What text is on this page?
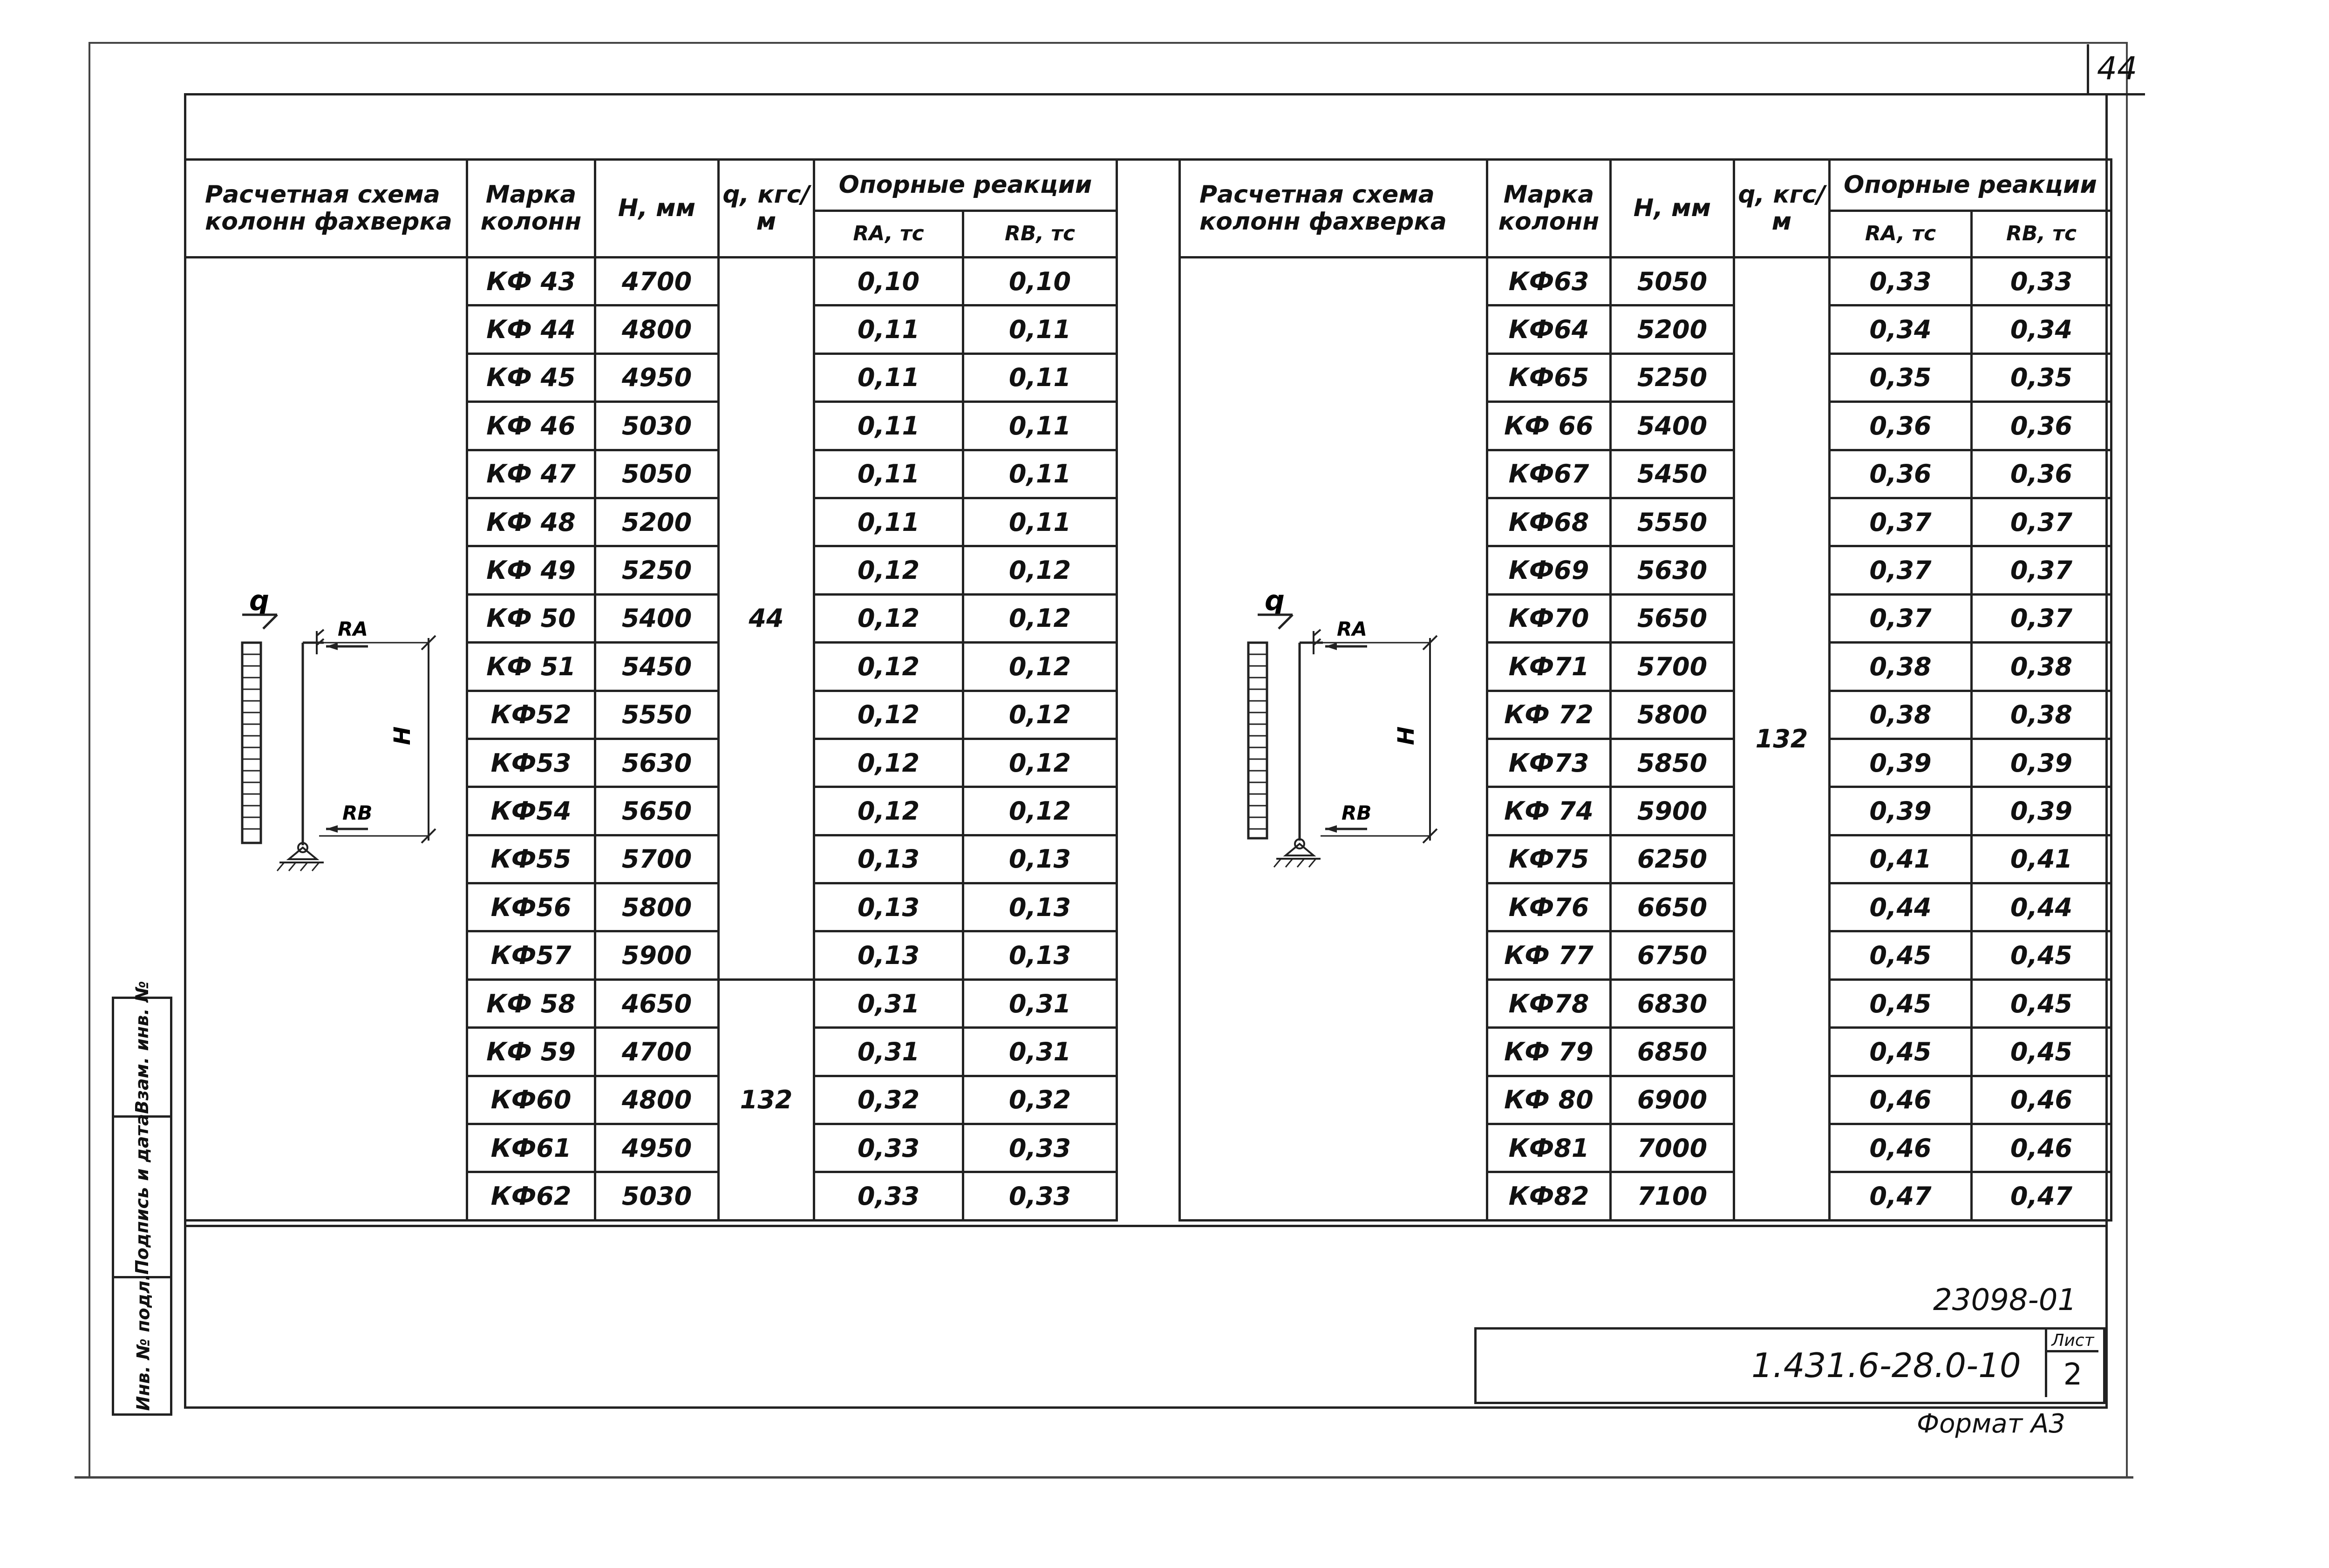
44
Расчетная схема колонн фахверка	Марка колонн	H, мм	q, кгс/м	Опорные реакции	
				RA, тс	RB, тс
	КФ 43	4700	44	0,10	0,10
	КФ 44	4800		0,11	0,11
	КФ 45	4950		0,11	0,11
	КФ 46	5030		0,11	0,11
	КФ 47	5050		0,11	0,11
	КФ 48	5200		0,11	0,11
	КФ 49	5250		0,12	0,12
	КФ 50	5400		0,12	0,12
	КФ 51	5450		0,12	0,12
	КФ52	5550		0,12	0,12
	КФ53	5630		0,12	0,12
	КФ54	5650		0,12	0,12
	КФ55	5700		0,13	0,13
	КФ56	5800		0,13	0,13
	КФ57	5900		0,13	0,13
	КФ 58	4650	132	0,31	0,31
	КФ 59	4700		0,31	0,31
	КФ60	4800		0,32	0,32
	КФ61	4950		0,33	0,33
	КФ62	5030		0,33	0,33
Расчетная схема колонн фахверка	Марка колонн	H, мм	q, кгс/м	Опорные реакции	
				RA, тс	RB, тс
	КФ63	5050	132	0,33	0,33
	КФ64	5200		0,34	0,34
	КФ65	5250		0,35	0,35
	КФ 66	5400		0,36	0,36
	КФ67	5450		0,36	0,36
	КФ68	5550		0,37	0,37
	КФ69	5630		0,37	0,37
	КФ70	5650		0,37	0,37
	КФ71	5700		0,38	0,38
	КФ 72	5800		0,38	0,38
	КФ73	5850		0,39	0,39
	КФ 74	5900		0,39	0,39
	КФ75	6250		0,41	0,41
	КФ76	6650		0,44	0,44
	КФ 77	6750		0,45	0,45
	КФ78	6830		0,45	0,45
	КФ 79	6850		0,45	0,45
	КФ 80	6900		0,46	0,46
	КФ81	7000		0,46	0,46
	КФ82	7100		0,47	0,47
q
RA
H
RB
q
RA
H
RB
Взам. инв. №
Подпись и дата
Инв. № подл.	23098-01
1.431.6-28.0-10
Лист
2
Формат А3
